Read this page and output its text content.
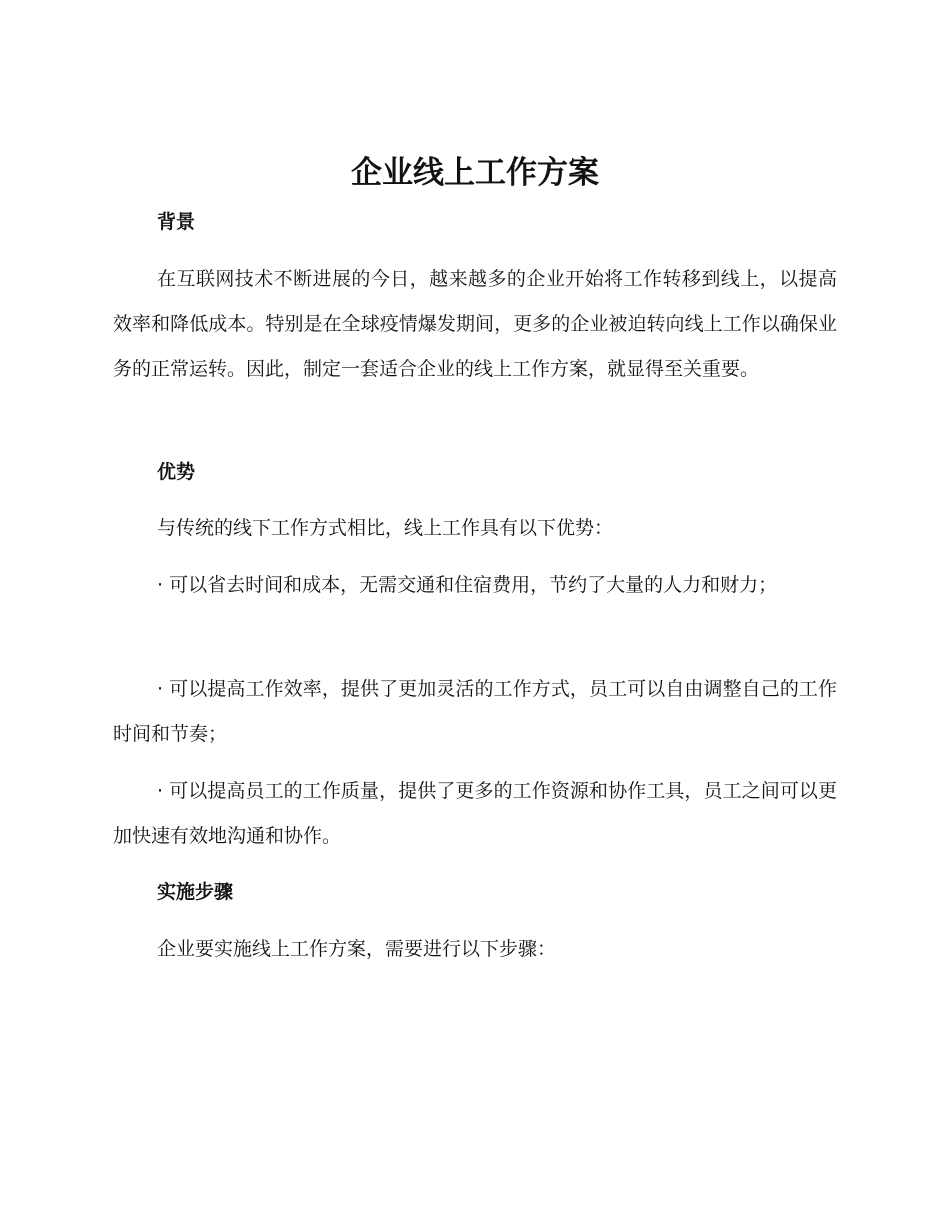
企业线上工作方案
背景

在互联网技术不断进展的今日，越来越多的企业开始将工作转移到线上，以提高效率和降低成本。特别是在全球疫情爆发期间，更多的企业被迫转向线上工作以确保业务的正常运转。因此，制定一套适合企业的线上工作方案，就显得至关重要。

优势

与传统的线下工作方式相比，线上工作具有以下优势：

· 可以省去时间和成本，无需交通和住宿费用，节约了大量的人力和财力；

· 可以提高工作效率，提供了更加灵活的工作方式，员工可以自由调整自己的工作时间和节奏；

· 可以提高员工的工作质量，提供了更多的工作资源和协作工具，员工之间可以更加快速有效地沟通和协作。

实施步骤

企业要实施线上工作方案，需要进行以下步骤：
